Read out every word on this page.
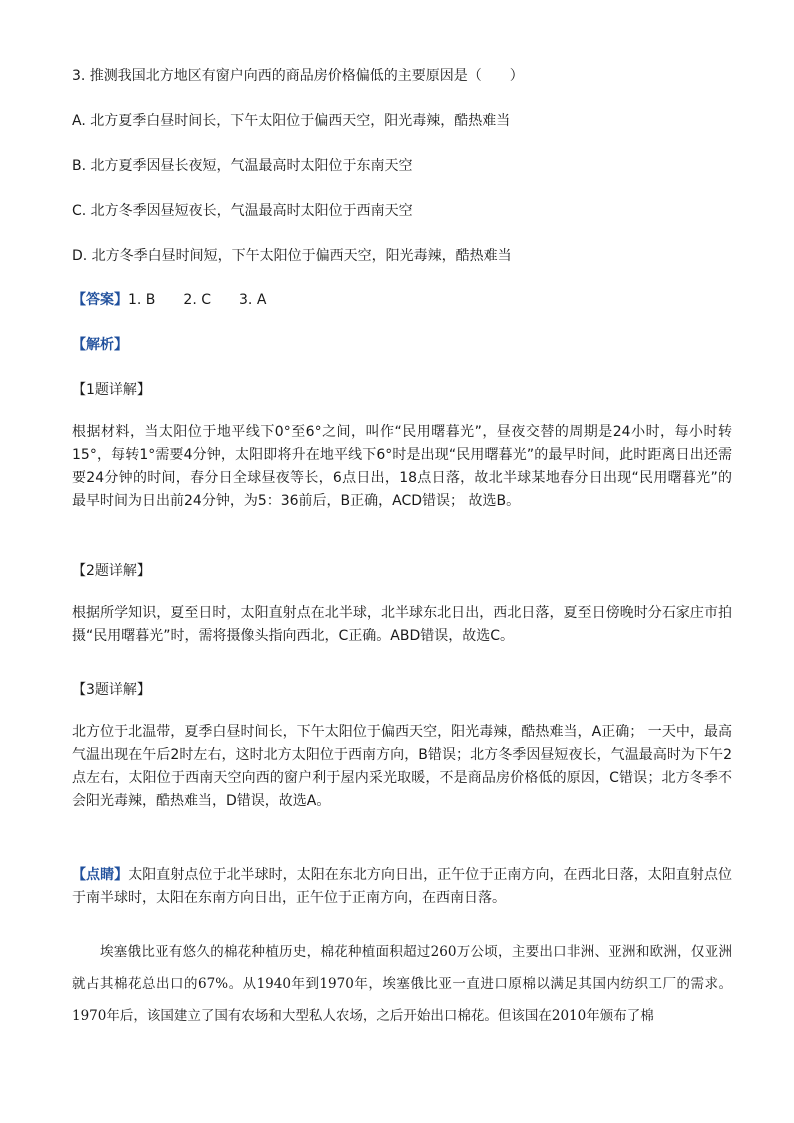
3. 推测我国北方地区有窗户向西的商品房价格偏低的主要原因是（　　）
A. 北方夏季白昼时间长，下午太阳位于偏西天空，阳光毒辣，酷热难当
B. 北方夏季因昼长夜短，气温最高时太阳位于东南天空
C. 北方冬季因昼短夜长，气温最高时太阳位于西南天空
D. 北方冬季白昼时间短，下午太阳位于偏西天空，阳光毒辣，酷热难当
【答案】1. B 2. C 3. A
【解析】
【1题详解】
根据材料，当太阳位于地平线下0°至6°之间，叫作“民用曙暮光”，昼夜交替的周期是24小时，每小时转15°，每转1°需要4分钟，太阳即将升在地平线下6°时是出现“民用曙暮光”的最早时间，此时距离日出还需要24分钟的时间，春分日全球昼夜等长，6点日出，18点日落，故北半球某地春分日出现“民用曙暮光”的最早时间为日出前24分钟，为5：36前后，B正确，ACD错误； 故选B。
【2题详解】
根据所学知识，夏至日时，太阳直射点在北半球，北半球东北日出，西北日落，夏至日傍晚时分石家庄市拍摄“民用曙暮光”时，需将摄像头指向西北，C正确。ABD错误，故选C。
【3题详解】
北方位于北温带，夏季白昼时间长，下午太阳位于偏西天空，阳光毒辣，酷热难当，A正确； 一天中，最高气温出现在午后2时左右，这时北方太阳位于西南方向，B错误；北方冬季因昼短夜长，气温最高时为下午2点左右，太阳位于西南天空向西的窗户利于屋内采光取暖，不是商品房价格低的原因，C错误；北方冬季不会阳光毒辣，酷热难当，D错误，故选A。
【点睛】太阳直射点位于北半球时，太阳在东北方向日出，正午位于正南方向，在西北日落，太阳直射点位于南半球时，太阳在东南方向日出，正午位于正南方向，在西南日落。
埃塞俄比亚有悠久的棉花种植历史，棉花种植面积超过260万公顷，主要出口非洲、亚洲和欧洲，仅亚洲就占其棉花总出口的67%。从1940年到1970年，埃塞俄比亚一直进口原棉以满足其国内纺织工厂的需求。1970年后，该国建立了国有农场和大型私人农场，之后开始出口棉花。但该国在2010年颁布了棉
